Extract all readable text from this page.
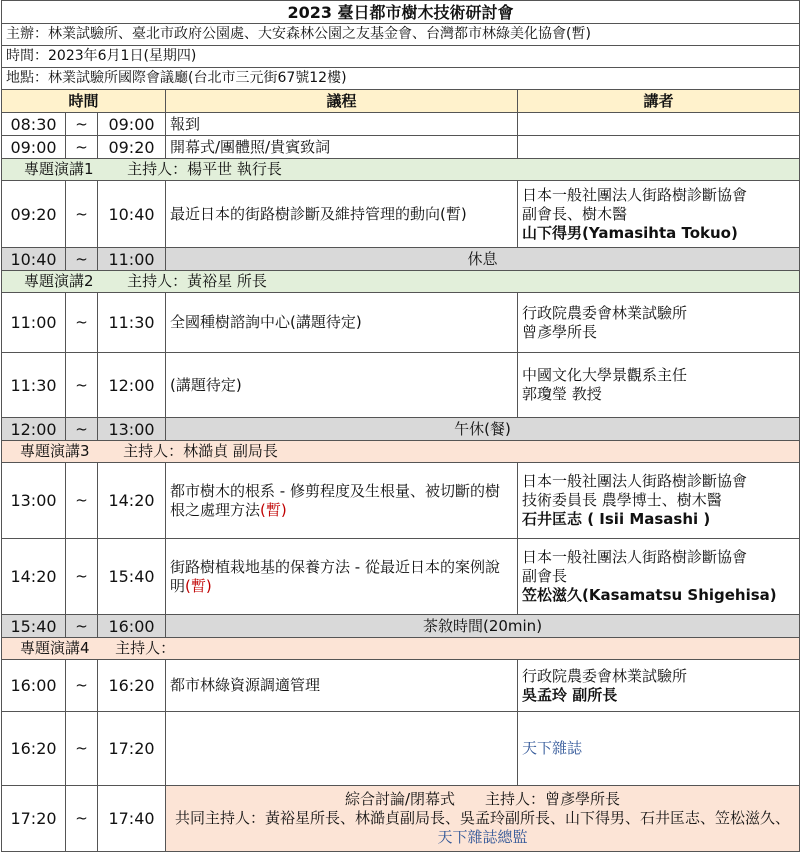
2023 臺日都市樹木技術研討會				
主辦：林業試驗所、臺北市政府公園處、大安森林公園之友基金會、台灣都市林綠美化協會(暫)				
時間：2023年6月1日(星期四)				
地點：林業試驗所國際會議廳(台北市三元街67號12樓)				
時間			議程	講者
08:30	~	09:00	報到	
09:00	~	09:20	開幕式/團體照/貴賓致詞	
專題演講1 主持人：楊平世 執行長				
09:20	~	10:40	最近日本的街路樹診斷及維持管理的動向(暫)	日本一般社團法人街路樹診斷協會
副會長、樹木醫
山下得男(Yamasihta Tokuo)

10:40	~	11:00	休息	
專題演講2 主持人：黃裕星 所長				
11:00	~	11:30	全國種樹諮詢中心(講題待定)	行政院農委會林業試驗所
曾彥學所長

11:30	~	12:00	(講題待定)	中國文化大學景觀系主任
郭瓊瑩 教授

12:00	~	13:00	午休(餐)	
專題演講3 主持人：林澔貞 副局長				
13:00	~	14:20	都市樹木的根系 - 修剪程度及生根量、被切斷的樹根之處理方法(暫)	日本一般社團法人街路樹診斷協會
技術委員長 農學博士、樹木醫
石井匡志 ( Isii Masashi )

14:20	~	15:40	街路樹植栽地基的保養方法 - 從最近日本的案例說明(暫)	日本一般社團法人街路樹診斷協會
副會長
笠松滋久(Kasamatsu Shigehisa)

15:40	~	16:00	茶敘時間(20min)	
專題演講4 主持人：				
16:00	~	16:20	都市林綠資源調適管理	行政院農委會林業試驗所
吳孟玲 副所長

16:20	~	17:20		天下雜誌
17:20	~	17:40	綜合討論/閉幕式　　主持人：曾彥學所長
共同主持人：黃裕星所長、林澔貞副局長、吳孟玲副所長、山下得男、石井匡志、笠松滋久、天下雜誌總監	
